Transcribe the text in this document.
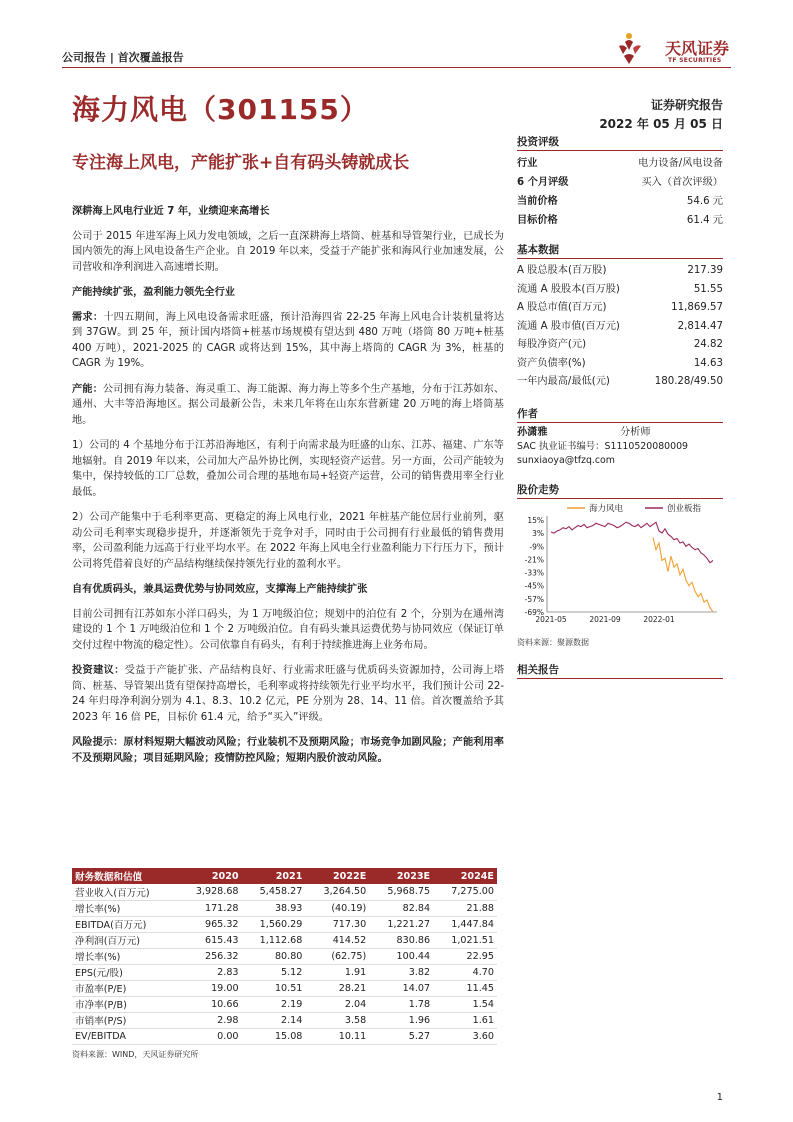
公司报告 | 首次覆盖报告	天风证券
TF SECURITIES
海力风电（301155）	证券研究报告
2022 年 05 月 05 日
专注海上风电，产能扩张+自有码头铸就成长

深耕海上风电行业近 7 年，业绩迎来高增长

公司于 2015 年进军海上风力发电领域，之后一直深耕海上塔筒、桩基和导管架行业，已成长为国内领先的海上风电设备生产企业。自 2019 年以来，受益于产能扩张和海风行业加速发展，公司营收和净利润进入高速增长期。

产能持续扩张，盈利能力领先全行业

需求：十四五期间，海上风电设备需求旺盛，预计沿海四省 22-25 年海上风电合计装机量将达到 37GW。到 25 年，预计国内塔筒+桩基市场规模有望达到 480 万吨（塔筒 80 万吨+桩基 400 万吨），2021-2025 的 CAGR 或将达到 15%，其中海上塔筒的 CAGR 为 3%，桩基的 CAGR 为 19%。

产能：公司拥有海力装备、海灵重工、海工能源、海力海上等多个生产基地，分布于江苏如东、通州、大丰等沿海地区。据公司最新公告，未来几年将在山东东营新建 20 万吨的海上塔筒基地。

1）公司的 4 个基地分布于江苏沿海地区，有利于向需求最为旺盛的山东、江苏、福建、广东等地辐射。自 2019 年以来，公司加大产品外协比例，实现轻资产运营。另一方面，公司产能较为集中，保持较低的工厂总数，叠加公司合理的基地布局+轻资产运营，公司的销售费用率全行业最低。

2）公司产能集中于毛利率更高、更稳定的海上风电行业，2021 年桩基产能位居行业前列，驱动公司毛利率实现稳步提升，并逐渐领先于竞争对手，同时由于公司拥有行业最低的销售费用率，公司盈利能力远高于行业平均水平。在 2022 年海上风电全行业盈利能力下行压力下，预计公司将凭借着良好的产品结构继续保持领先行业的盈利水平。

自有优质码头，兼具运费优势与协同效应，支撑海上产能持续扩张

目前公司拥有江苏如东小洋口码头，为 1 万吨级泊位；规划中的泊位有 2 个，分别为在通州湾建设的 1 个 1 万吨级泊位和 1 个 2 万吨级泊位。自有码头兼具运费优势与协同效应（保证订单交付过程中物流的稳定性）。公司依靠自有码头，有利于持续推进海上业务布局。

投资建议：受益于产能扩张、产品结构良好、行业需求旺盛与优质码头资源加持，公司海上塔筒、桩基、导管架出货有望保持高增长，毛利率或将持续领先行业平均水平，我们预计公司 22-24 年归母净利润分别为 4.1、8.3、10.2 亿元，PE 分别为 28、14、11 倍。首次覆盖给予其 2023 年 16 倍 PE，目标价 61.4 元，给予“买入”评级。

风险提示：原材料短期大幅波动风险；行业装机不及预期风险；市场竞争加剧风险；产能利用率不及预期风险；项目延期风险；疫情防控风险；短期内股价波动风险。

财务数据和估值	2020	2021	2022E	2023E	2024E
营业收入(百万元)	3,928.68	5,458.27	3,264.50	5,968.75	7,275.00
增长率(%)	171.28	38.93	(40.19)	82.84	21.88
EBITDA(百万元)	965.32	1,560.29	717.30	1,221.27	1,447.84
净利润(百万元)	615.43	1,112.68	414.52	830.86	1,021.51
增长率(%)	256.32	80.80	(62.75)	100.44	22.95
EPS(元/股)	2.83	5.12	1.91	3.82	4.70
市盈率(P/E)	19.00	10.51	28.21	14.07	11.45
市净率(P/B)	10.66	2.19	2.04	1.78	1.54
市销率(P/S)	2.98	2.14	3.58	1.96	1.61
EV/EBITDA	0.00	15.08	10.11	5.27	3.60
资料来源：WIND，天风证券研究所
投资评级
行业	电力设备/风电设备
6 个月评级	买入（首次评级）
当前价格	54.6 元
目标价格	61.4 元
基本数据
A 股总股本(百万股)	217.39
流通 A 股股本(百万股)	51.55
A 股总市值(百万元)	11,869.57
流通 A 股市值(百万元)	2,814.47
每股净资产(元)	24.82
资产负债率(%)	14.63
一年内最高/最低(元)	180.28/49.50
作者
孙潇雅	分析师
SAC 执业证书编号：S1110520080009
sunxiaoya@tfzq.com
股价走势
海力风电	创业板指
15%
3%
-9%
-21%
-33%
-45%
-57%
-69%
2021-05	2021-09	2022-01
资料来源：聚源数据
相关报告
1
